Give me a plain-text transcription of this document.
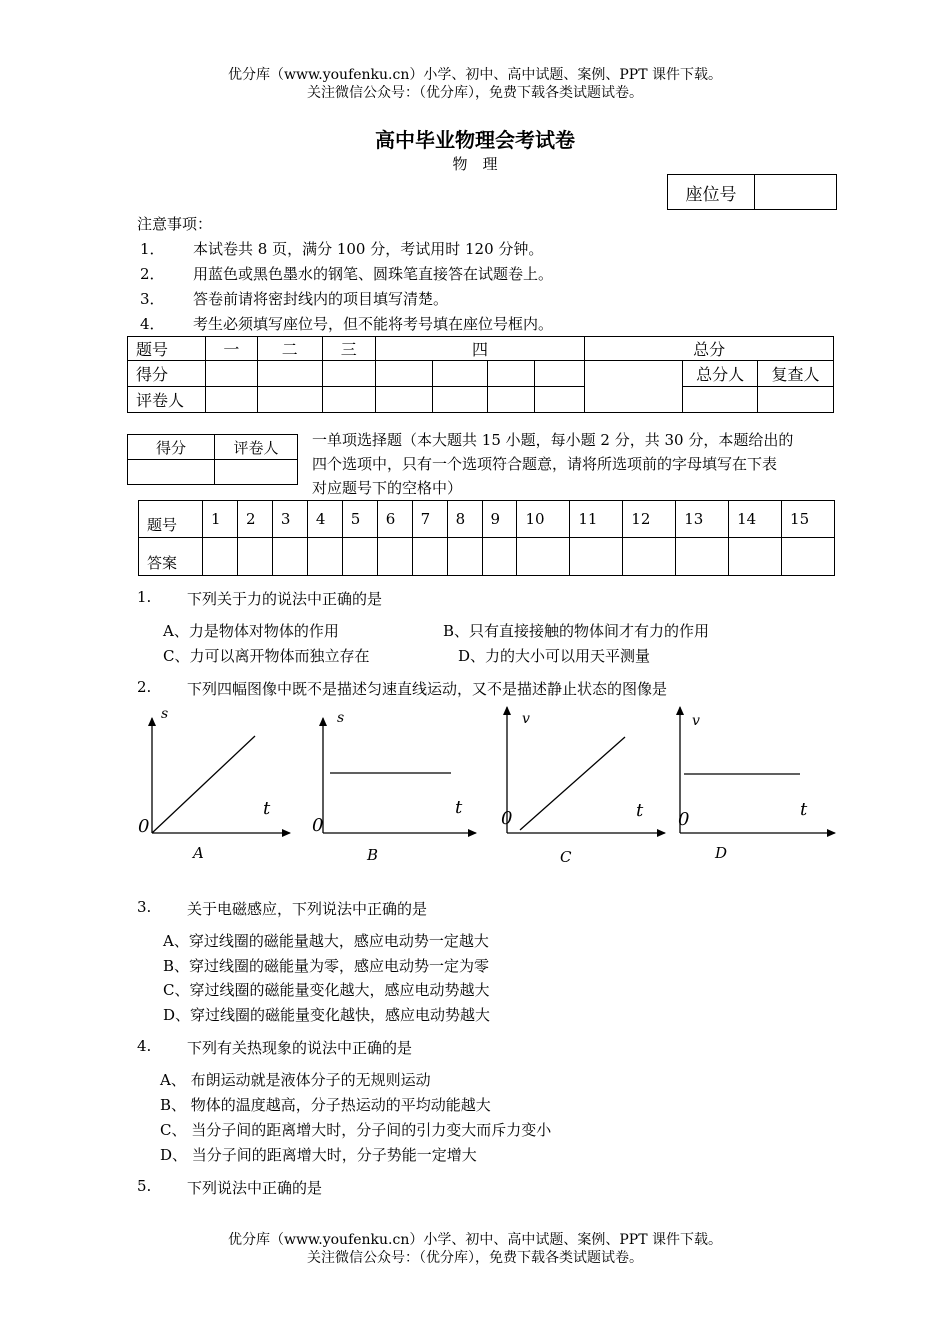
优分库（www.youfenku.cn）小学、初中、高中试题、案例、PPT 课件下载。
关注微信公众号：（优分库），免费下载各类试题试卷。
高中毕业物理会考试卷
物　理
座位号	
注意事项：
1． 本试卷共 8 页，满分 100 分，考试用时 120 分钟。
2． 用蓝色或黑色墨水的钢笔、圆珠笔直接答在试题卷上。
3． 答卷前请将密封线内的项目填写清楚。
4． 考生必须填写座位号，但不能将考号填在座位号框内。
题号	一	二	三	四				总分		
得分									总分人	复查人
评卷人										
得分	评卷人
	一单项选择题（本大题共 15 小题，每小题 2 分，共 30 分，本题给出的
四个选项中，只有一个选项符合题意，请将所选项前的字母填写在下表
对应题号下的空格中）
题号	1	2	3	4	5	6	7	8	9	10	11	12	13	14	15
答案															
1. 下列关于力的说法中正确的是
A、力是物体对物体的作用	B、只有直接接触的物体间才有力的作用
C、力可以离开物体而独立存在	D、力的大小可以用天平测量
2. 下列四幅图像中既不是描述匀速直线运动，又不是描述静止状态的图像是
s
t
0
A
s
t
0
B
v
t
0
C
v
t
0
D
3. 关于电磁感应，下列说法中正确的是
A、穿过线圈的磁能量越大，感应电动势一定越大
B、穿过线圈的磁能量为零，感应电动势一定为零
C、穿过线圈的磁能量变化越大，感应电动势越大
D、穿过线圈的磁能量变化越快，感应电动势越大
4. 下列有关热现象的说法中正确的是
A、 布朗运动就是液体分子的无规则运动
B、 物体的温度越高，分子热运动的平均动能越大
C、 当分子间的距离增大时，分子间的引力变大而斥力变小
D、 当分子间的距离增大时，分子势能一定增大
5. 下列说法中正确的是
优分库（www.youfenku.cn）小学、初中、高中试题、案例、PPT 课件下载。
关注微信公众号：（优分库），免费下载各类试题试卷。
